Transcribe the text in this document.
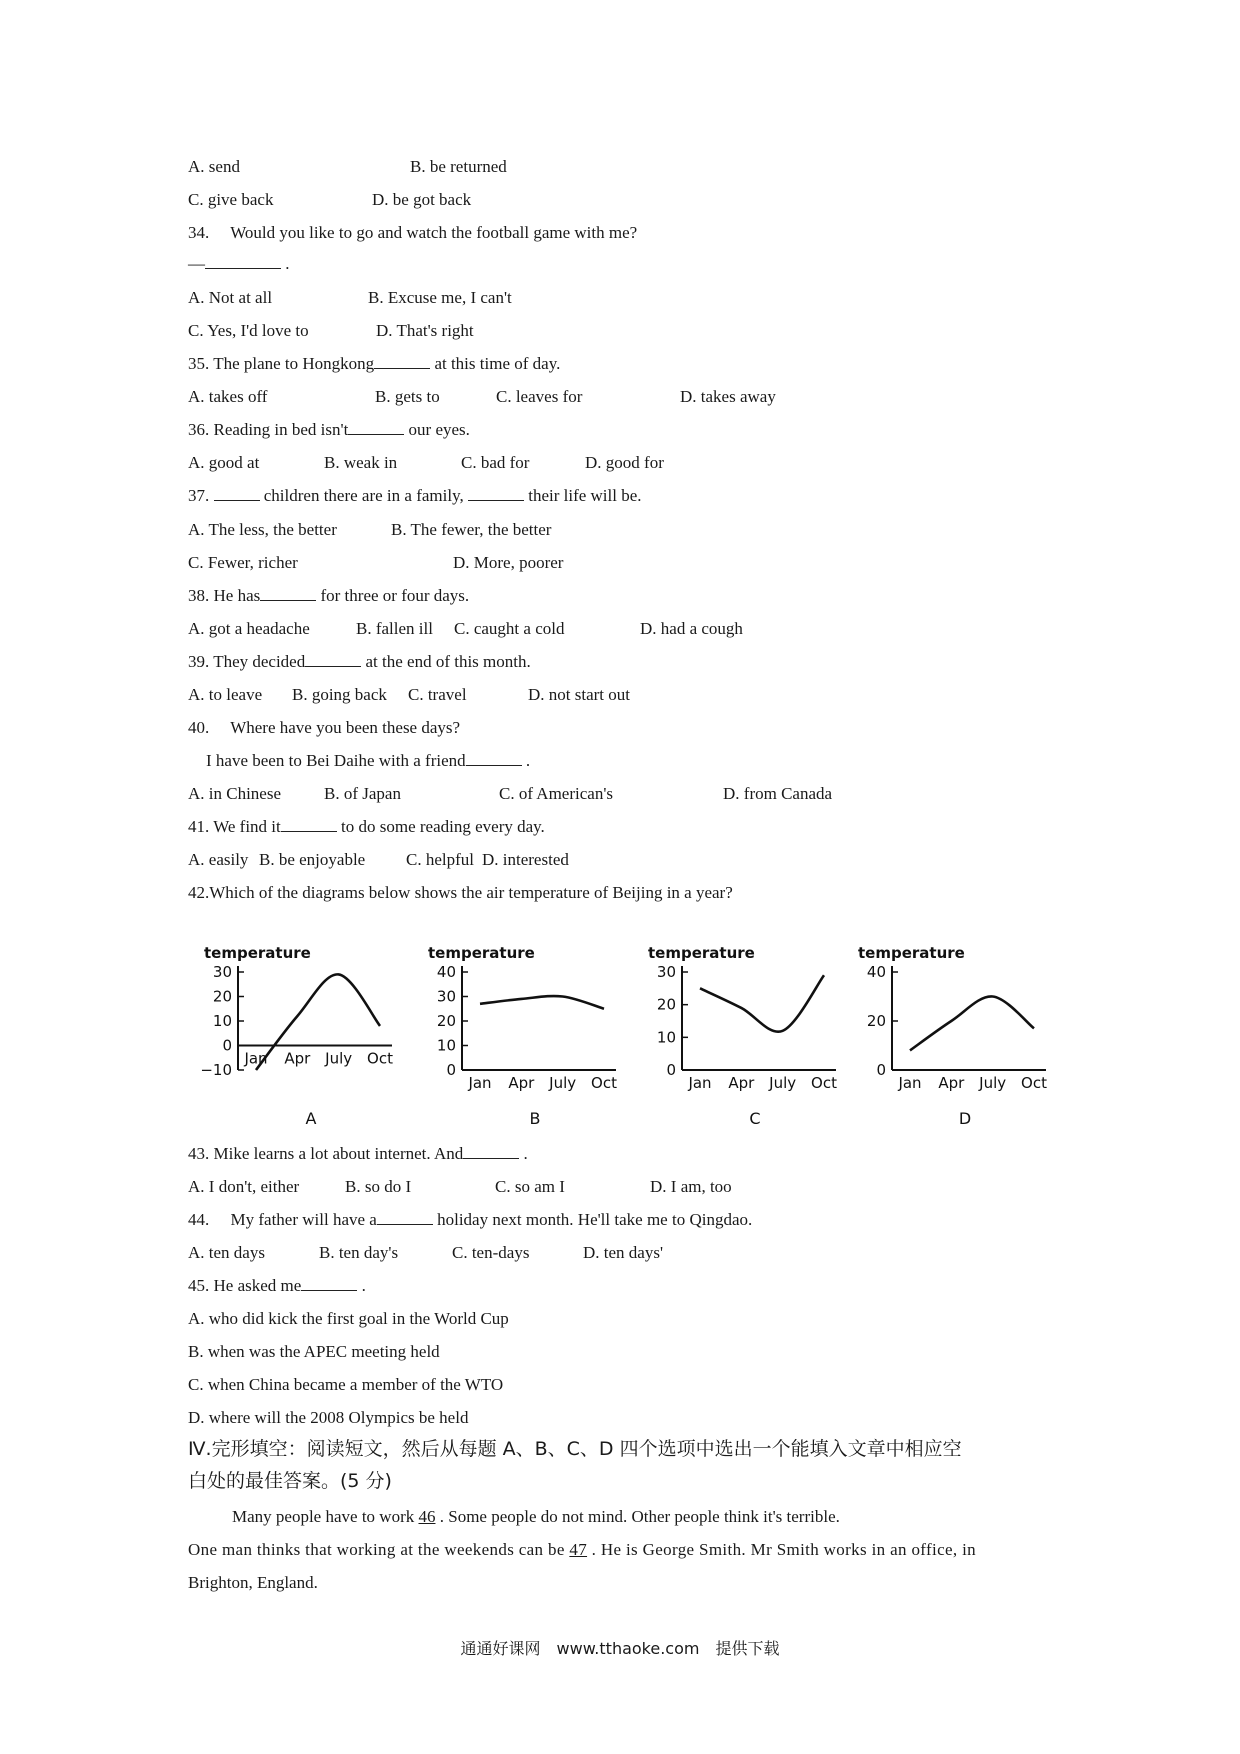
A. send	B. be returned
C. give back	D. be got back
34.　 Would you like to go and watch the football game with me?
—	.
A. Not at all	B. Excuse me, I can't
C. Yes, I'd love to	D. That's right
35. The plane to Hongkong	at this time of day.
A. takes off	B. gets to	C. leaves for	D. takes away
36. Reading in bed isn't	our eyes.
A. good at	B. weak in	C. bad for	D. good for
37.	children there are in a family,	their life will be.
A. The less, the better	B. The fewer, the better
C. Fewer, richer	D. More, poorer
38. He has	for three or four days.
A. got a headache	B. fallen ill C. caught a cold	D. had a cough
39. They decided	at the end of this month.
A. to leave B. going back C. travel	D. not start out
40.　 Where have you been these days?
I have been to Bei Daihe with a friend	.
A. in Chinese	B. of Japan	C. of American's	D. from Canada
41. We find it	to do some reading every day.
A. easily B. be enjoyable C. helpful D. interested
42.Which of the diagrams below shows the air temperature of Beijing in a year?
temperature
30
20
10
0
−10
Jan Apr July Oct
A
temperature
40
30
20
10
0
Jan Apr July Oct
B
temperature
30
20
10
0
Jan Apr July Oct
C
temperature
40
20
0
Jan Apr July Oct
D
43. Mike learns a lot about internet. And	.
A. I don't, either	B. so do I	C. so am I	D. I am, too
44.　 My father will have a	holiday next month. He'll take me to Qingdao.
A. ten days	B. ten day's	C. ten-days	D. ten days'
45. He asked me	.
A. who did kick the first goal in the World Cup
B. when was the APEC meeting held
C. when China became a member of the WTO
D. where will the 2008 Olympics be held
Ⅳ.完形填空：阅读短文，然后从每题 A、B、C、D 四个选项中选出一个能填入文章中相应空
白处的最佳答案。(5 分)
Many people have to work 46 . Some people do not mind. Other people think it's terrible.
One man thinks that working at the weekends can be 47 . He is George Smith. Mr Smith works in an office, in
Brighton, England.
通通好课网　www.tthaoke.com　提供下载
